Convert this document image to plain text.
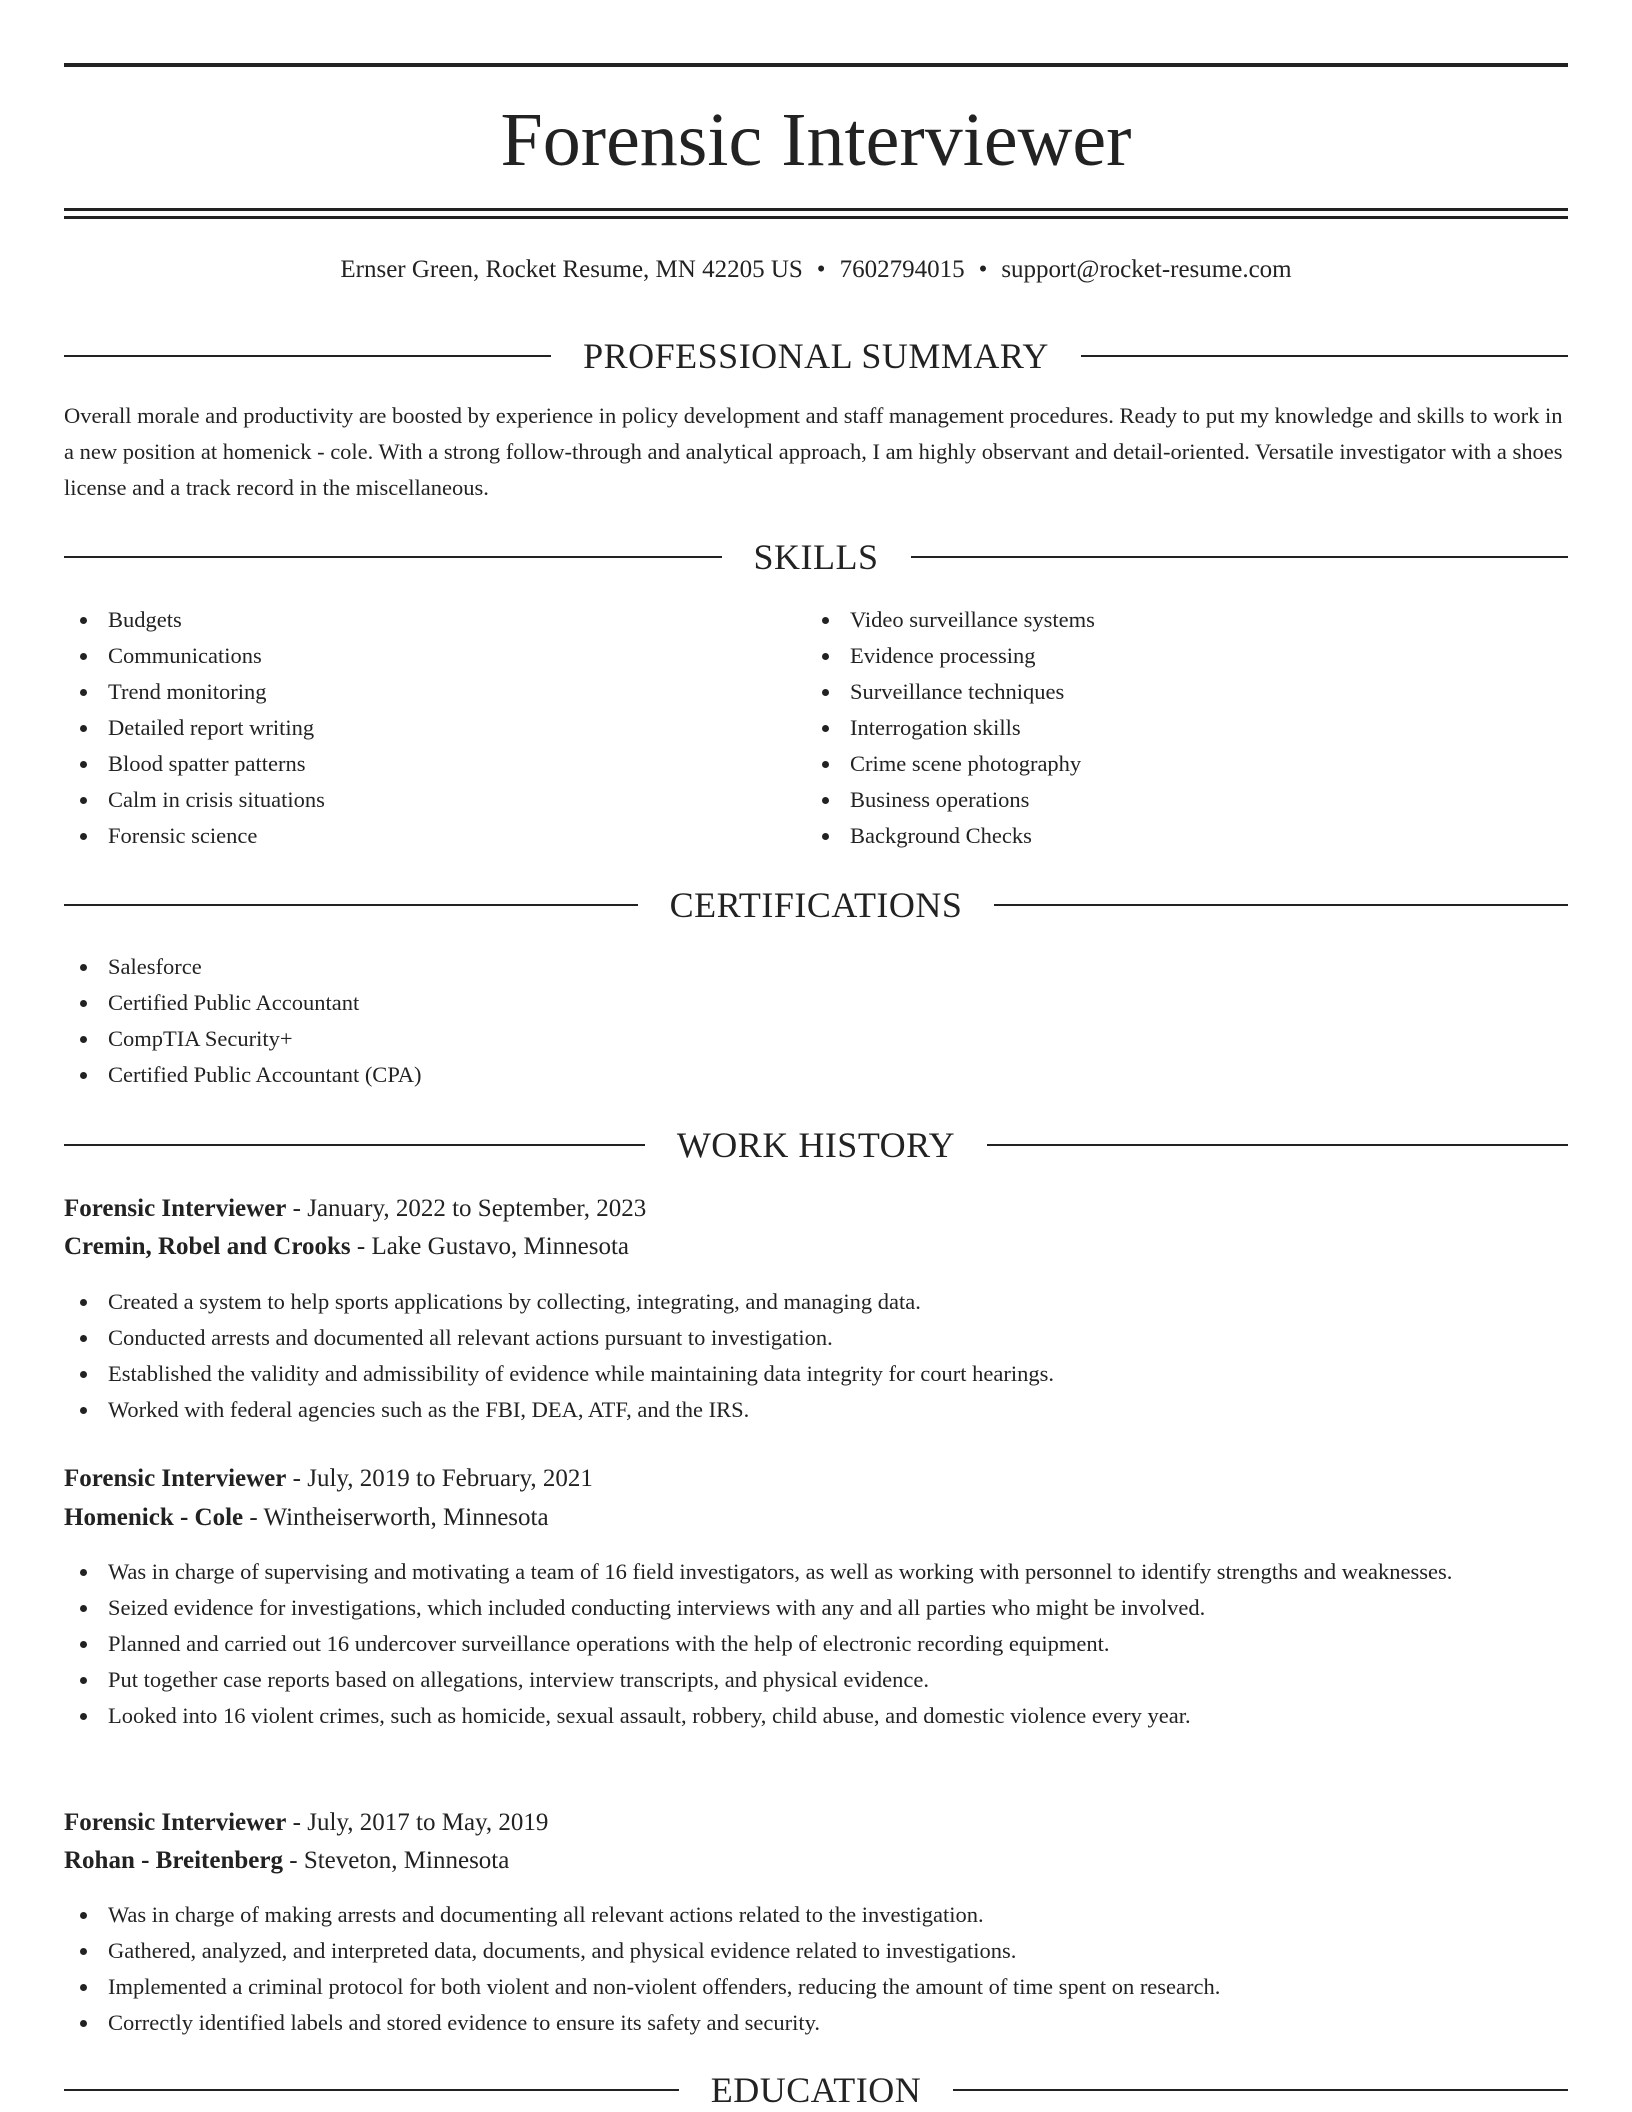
Forensic Interviewer
Ernser Green, Rocket Resume, MN 42205 US • 7602794015 • support@rocket-resume.com
PROFESSIONAL SUMMARY

Overall morale and productivity are boosted by experience in policy development and staff management procedures. Ready to put my knowledge and skills to work in a new position at homenick - cole. With a strong follow-through and analytical approach, I am highly observant and detail-oriented. Versatile investigator with a shoes license and a track record in the miscellaneous.

SKILLS
Budgets
Communications
Trend monitoring
Detailed report writing
Blood spatter patterns
Calm in crisis situations
Forensic science
Video surveillance systems
Evidence processing
Surveillance techniques
Interrogation skills
Crime scene photography
Business operations
Background Checks
CERTIFICATIONS
Salesforce
Certified Public Accountant
CompTIA Security+
Certified Public Accountant (CPA)
WORK HISTORY

Forensic Interviewer - January, 2022 to September, 2023

Cremin, Robel and Crooks - Lake Gustavo, Minnesota

Created a system to help sports applications by collecting, integrating, and managing data.
Conducted arrests and documented all relevant actions pursuant to investigation.
Established the validity and admissibility of evidence while maintaining data integrity for court hearings.
Worked with federal agencies such as the FBI, DEA, ATF, and the IRS.

Forensic Interviewer - July, 2019 to February, 2021

Homenick - Cole - Wintheiserworth, Minnesota

Was in charge of supervising and motivating a team of 16 field investigators, as well as working with personnel to identify strengths and weaknesses.
Seized evidence for investigations, which included conducting interviews with any and all parties who might be involved.
Planned and carried out 16 undercover surveillance operations with the help of electronic recording equipment.
Put together case reports based on allegations, interview transcripts, and physical evidence.
Looked into 16 violent crimes, such as homicide, sexual assault, robbery, child abuse, and domestic violence every year.

Forensic Interviewer - July, 2017 to May, 2019

Rohan - Breitenberg - Steveton, Minnesota

Was in charge of making arrests and documenting all relevant actions related to the investigation.
Gathered, analyzed, and interpreted data, documents, and physical evidence related to investigations.
Implemented a criminal protocol for both violent and non-violent offenders, reducing the amount of time spent on research.
Correctly identified labels and stored evidence to ensure its safety and security.
EDUCATION
